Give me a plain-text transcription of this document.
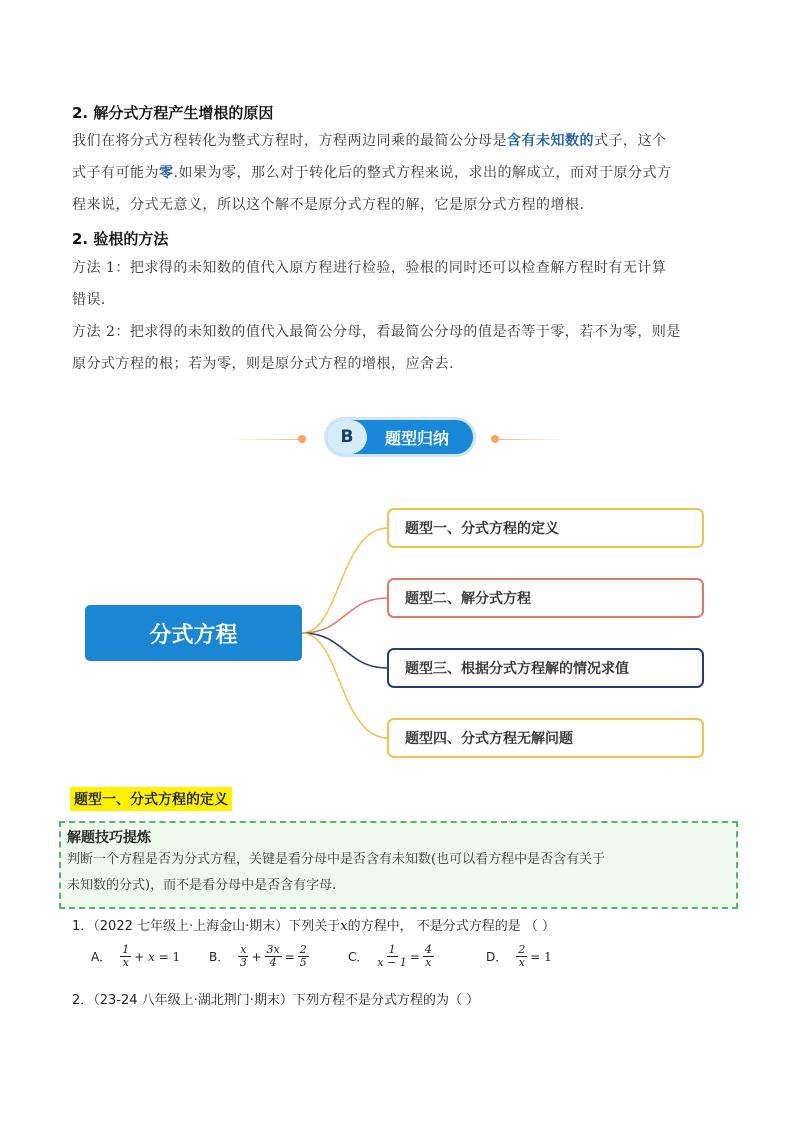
2. 解分式方程产生增根的原因
我们在将分式方程转化为整式方程时，方程两边同乘的最简公分母是含有未知数的式子，这个
式子有可能为零.如果为零，那么对于转化后的整式方程来说，求出的解成立，而对于原分式方
程来说，分式无意义，所以这个解不是原分式方程的解，它是原分式方程的增根.
2. 验根的方法
方法 1：把求得的未知数的值代入原方程进行检验，验根的同时还可以检查解方程时有无计算
错误.
方法 2：把求得的未知数的值代入最简公分母，看最简公分母的值是否等于零，若不为零，则是
原分式方程的根；若为零，则是原分式方程的增根，应舍去.
B	题型归纳
分式方程
题型一、分式方程的定义
题型二、解分式方程
题型三、根据分式方程解的情况求值
题型四、分式方程无解问题
题型一、分式方程的定义
解题技巧提炼
判断一个方程是否为分式方程，关键是看分母中是否含有未知数(也可以看方程中是否含有关于
未知数的分式)，而不是看分母中是否含有字母.
1．（2022 七年级上·上海金山·期末）下列关于x的方程中， 不是分式方程的是 （ ）
A． $\frac{1}{x} + x = 1$ B． $\frac{x}{3} + \frac{3x}{4} = \frac{2}{5}$	C． $\frac{1}{x - 1} = \frac{4}{x}$	D． $\frac{2}{x} = 1$
2．（23-24 八年级上·湖北荆门·期末）下列方程不是分式方程的为（ ）
